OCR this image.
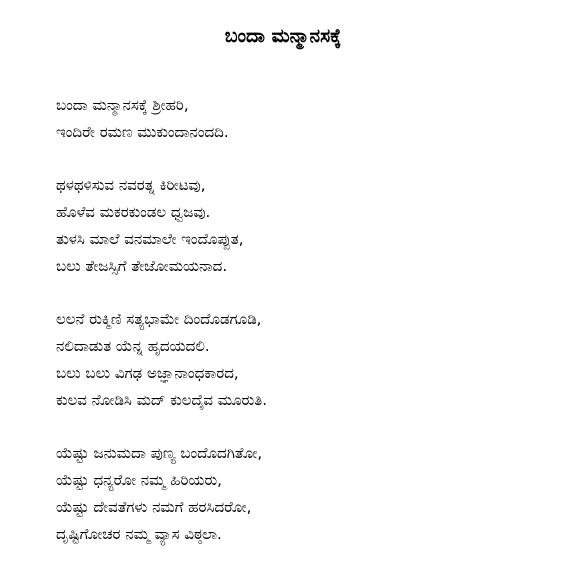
ಬಂದಾ ಮನ್ಮಾನಸಕ್ಕೆ
ಬಂದಾ ಮನ್ಮಾನಸಕ್ಕೆ ಶ್ರೀಹರಿ,
ಇಂದಿರೇ ರಮಣ ಮುಕುಂದಾನಂದದಿ.
ಥಳಥಳಿಸುವ ನವರತ್ನ ಕಿರೀಟವು,
ಹೊಳೆವ ಮಕರಕುಂಡಲ ಧ್ವಜವು.
ತುಳಸಿ ಮಾಲೆ ವನಮಾಲೇ ಇಂದೊಪ್ಪುತ,
ಬಲು ತೇಜಸ್ಸಿಗೆ ತೇಜೋಮಯನಾದ.
ಲಲನೆ ರುಕ್ಮಿಣಿ ಸತ್ಯಭಾಮೇ ದಿಂದೊಡಗೂಡಿ,
ನಲಿದಾಡುತ ಯೆನ್ನ ಹೃದಯದಲಿ.
ಬಲು ಬಲು ವಿಗಢ ಅಜ್ಞಾನಾಂಧಕಾರದ,
ಕುಲವ ನೋಡಿಸಿ ಮದ್ ಕುಲದೈವ ಮೂರುತಿ.
ಯೆಷ್ಟು ಜನುಮದಾ ಪುಣ್ಯ ಬಂದೊದಗಿತೋ,
ಯೆಷ್ಟು ಧನ್ಯರೋ ನಮ್ಮ ಹಿರಿಯರು,
ಯೆಷ್ಟು ದೇವತೆಗಳು ನಮಗೆ ಹರಸಿದರೋ,
ದೃಷ್ಟಿಗೋಚರ ನಮ್ಮ ವ್ಯಾಸ ವಿಠ್ಠಲಾ.
